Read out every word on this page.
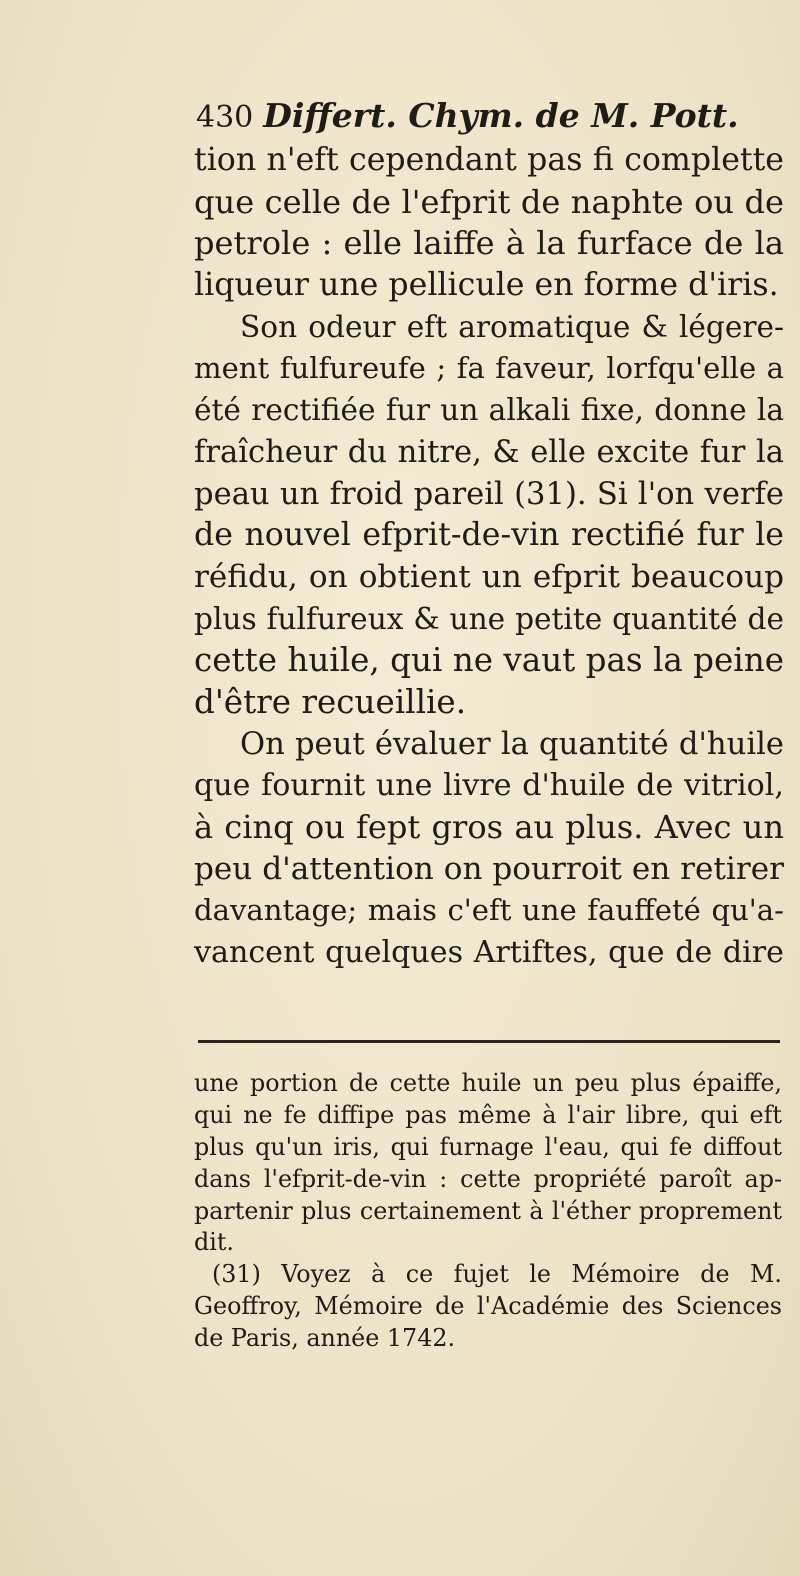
430 Differt. Chym. de M. Pott.
tion n'eft cependant pas fi complette
que celle de l'efprit de naphte ou de
petrole : elle laiffe à la furface de la
liqueur une pellicule en forme d'iris.
Son odeur eft aromatique & légere-
ment fulfureufe ; fa faveur, lorfqu'elle a
été rectifiée fur un alkali fixe, donne la
fraîcheur du nitre, & elle excite fur la
peau un froid pareil (31). Si l'on verfe
de nouvel efprit-de-vin rectifié fur le
réfidu, on obtient un efprit beaucoup
plus fulfureux & une petite quantité de
cette huile, qui ne vaut pas la peine
d'être recueillie.
On peut évaluer la quantité d'huile
que fournit une livre d'huile de vitriol,
à cinq ou fept gros au plus. Avec un
peu d'attention on pourroit en retirer
davantage; mais c'eft une fauffeté qu'a-
vancent quelques Artiftes, que de dire
une portion de cette huile un peu plus épaiffe,
qui ne fe diffipe pas même à l'air libre, qui eft
plus qu'un iris, qui furnage l'eau, qui fe diffout
dans l'efprit-de-vin : cette propriété paroît ap-
partenir plus certainement à l'éther proprement
dit.
(31) Voyez à ce fujet le Mémoire de M.
Geoffroy, Mémoire de l'Académie des Sciences
de Paris, année 1742.
